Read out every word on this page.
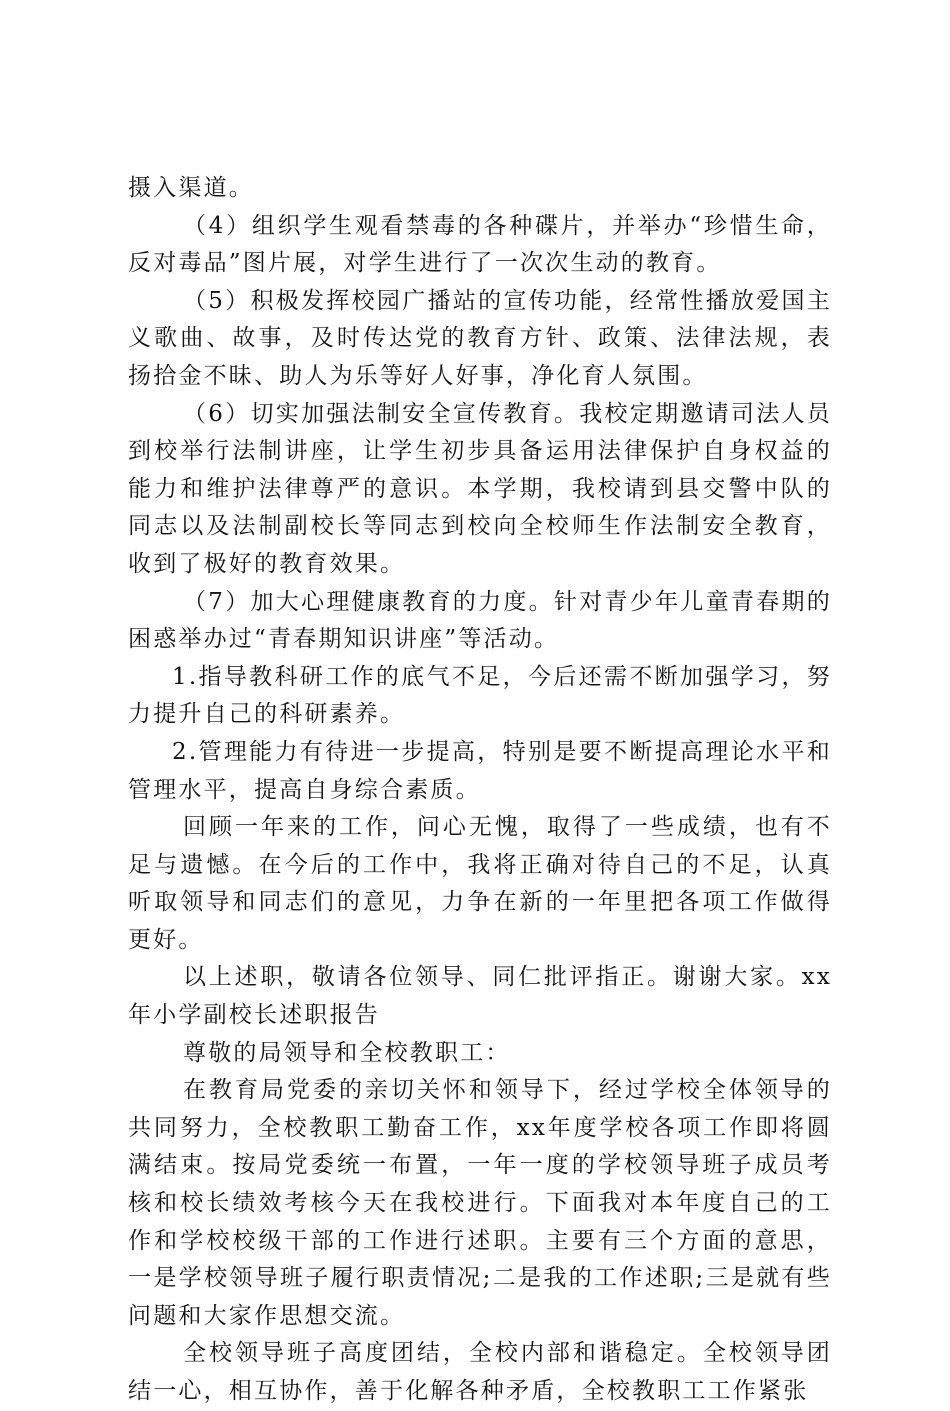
摄入渠道。

（4）组织学生观看禁毒的各种碟片，并举办“珍惜生命，反对毒品”图片展，对学生进行了一次次生动的教育。

（5）积极发挥校园广播站的宣传功能，经常性播放爱国主义歌曲、故事，及时传达党的教育方针、政策、法律法规，表扬拾金不昧、助人为乐等好人好事，净化育人氛围。

（6）切实加强法制安全宣传教育。我校定期邀请司法人员到校举行法制讲座，让学生初步具备运用法律保护自身权益的能力和维护法律尊严的意识。本学期，我校请到县交警中队的同志以及法制副校长等同志到校向全校师生作法制安全教育，收到了极好的教育效果。

（7）加大心理健康教育的力度。针对青少年儿童青春期的困惑举办过“青春期知识讲座”等活动。

1.指导教科研工作的底气不足，今后还需不断加强学习，努力提升自己的科研素养。

2.管理能力有待进一步提高，特别是要不断提高理论水平和管理水平，提高自身综合素质。

回顾一年来的工作，问心无愧，取得了一些成绩，也有不足与遗憾。在今后的工作中，我将正确对待自己的不足，认真听取领导和同志们的意见，力争在新的一年里把各项工作做得更好。

以上述职，敬请各位领导、同仁批评指正。谢谢大家。xx年小学副校长述职报告

尊敬的局领导和全校教职工：

在教育局党委的亲切关怀和领导下，经过学校全体领导的共同努力，全校教职工勤奋工作，xx年度学校各项工作即将圆满结束。按局党委统一布置，一年一度的学校领导班子成员考核和校长绩效考核今天在我校进行。下面我对本年度自己的工作和学校校级干部的工作进行述职。主要有三个方面的意思，一是学校领导班子履行职责情况;二是我的工作述职;三是就有些问题和大家作思想交流。

全校领导班子高度团结，全校内部和谐稳定。全校领导团结一心，相互协作，善于化解各种矛盾，全校教职工工作紧张
